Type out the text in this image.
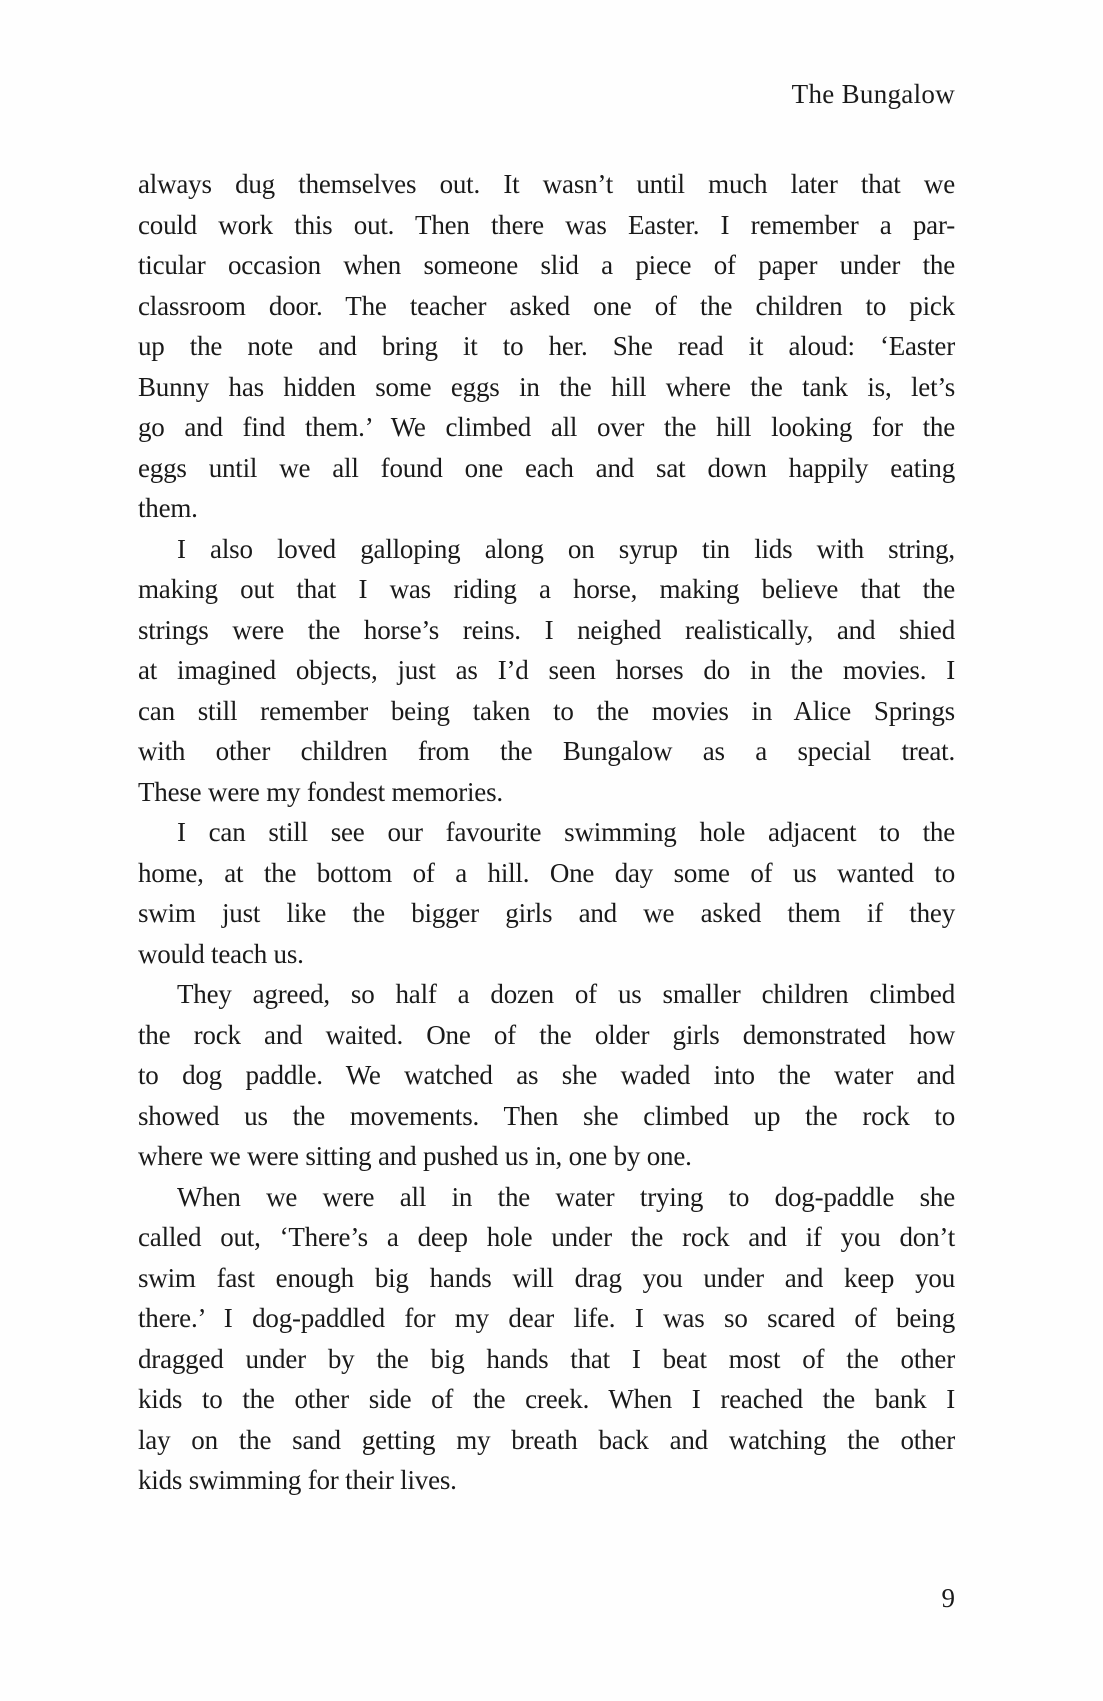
The Bungalow

always dug themselves out. It wasn’t until much later that we
could work this out. Then there was Easter. I remember a par-
ticular occasion when someone slid a piece of paper under the
classroom door. The teacher asked one of the children to pick
up the note and bring it to her. She read it aloud: ‘Easter
Bunny has hidden some eggs in the hill where the tank is, let’s
go and find them.’ We climbed all over the hill looking for the
eggs until we all found one each and sat down happily eating
them.

I also loved galloping along on syrup tin lids with string,
making out that I was riding a horse, making believe that the
strings were the horse’s reins. I neighed realistically, and shied
at imagined objects, just as I’d seen horses do in the movies. I
can still remember being taken to the movies in Alice Springs
with other children from the Bungalow as a special treat.
These were my fondest memories.

I can still see our favourite swimming hole adjacent to the
home, at the bottom of a hill. One day some of us wanted to
swim just like the bigger girls and we asked them if they
would teach us.

They agreed, so half a dozen of us smaller children climbed
the rock and waited. One of the older girls demonstrated how
to dog paddle. We watched as she waded into the water and
showed us the movements. Then she climbed up the rock to
where we were sitting and pushed us in, one by one.

When we were all in the water trying to dog-paddle she
called out, ‘There’s a deep hole under the rock and if you don’t
swim fast enough big hands will drag you under and keep you
there.’ I dog-paddled for my dear life. I was so scared of being
dragged under by the big hands that I beat most of the other
kids to the other side of the creek. When I reached the bank I
lay on the sand getting my breath back and watching the other
kids swimming for their lives.

9
